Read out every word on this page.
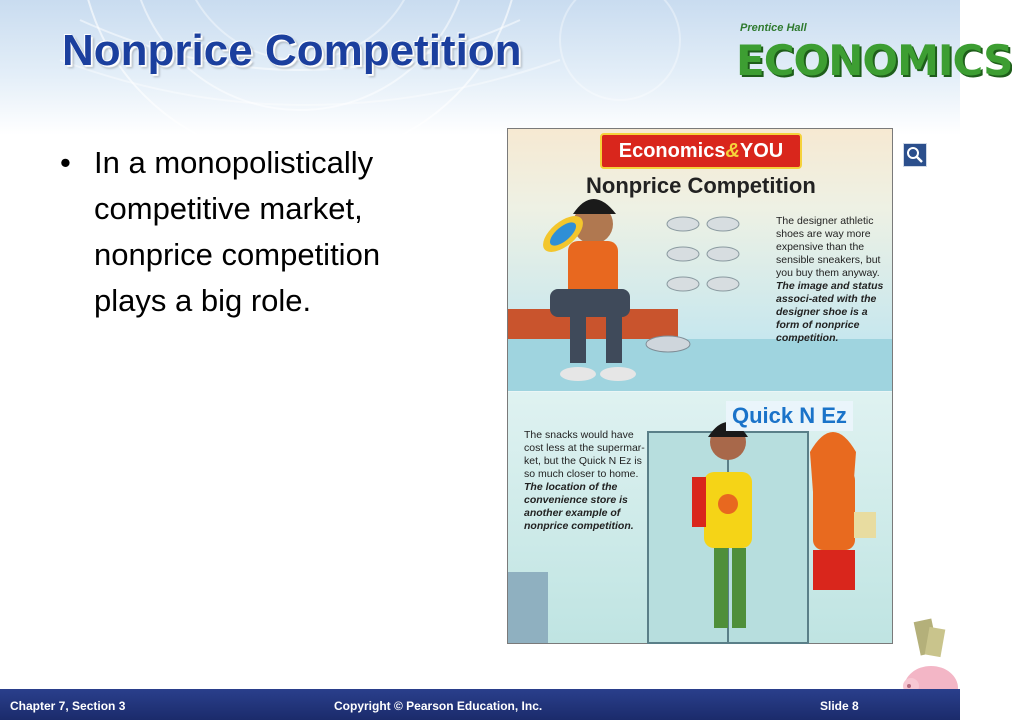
Nonprice Competition	Prentice Hall
ECONOMICS
• In a monopolistically competitive market, nonprice competition plays a big role.
Economics&YOU
Nonprice Competition
The designer athletic shoes are way more expensive than the sensible sneakers, but you buy them anyway. The image and status associ-ated with the designer shoe is a form of nonprice competition.
Quick N Ez
The snacks would have cost less at the supermar-ket, but the Quick N Ez is so much closer to home. The location of the convenience store is another example of nonprice competition.
Chapter 7, Section 3	Copyright © Pearson Education, Inc.	Slide 8
